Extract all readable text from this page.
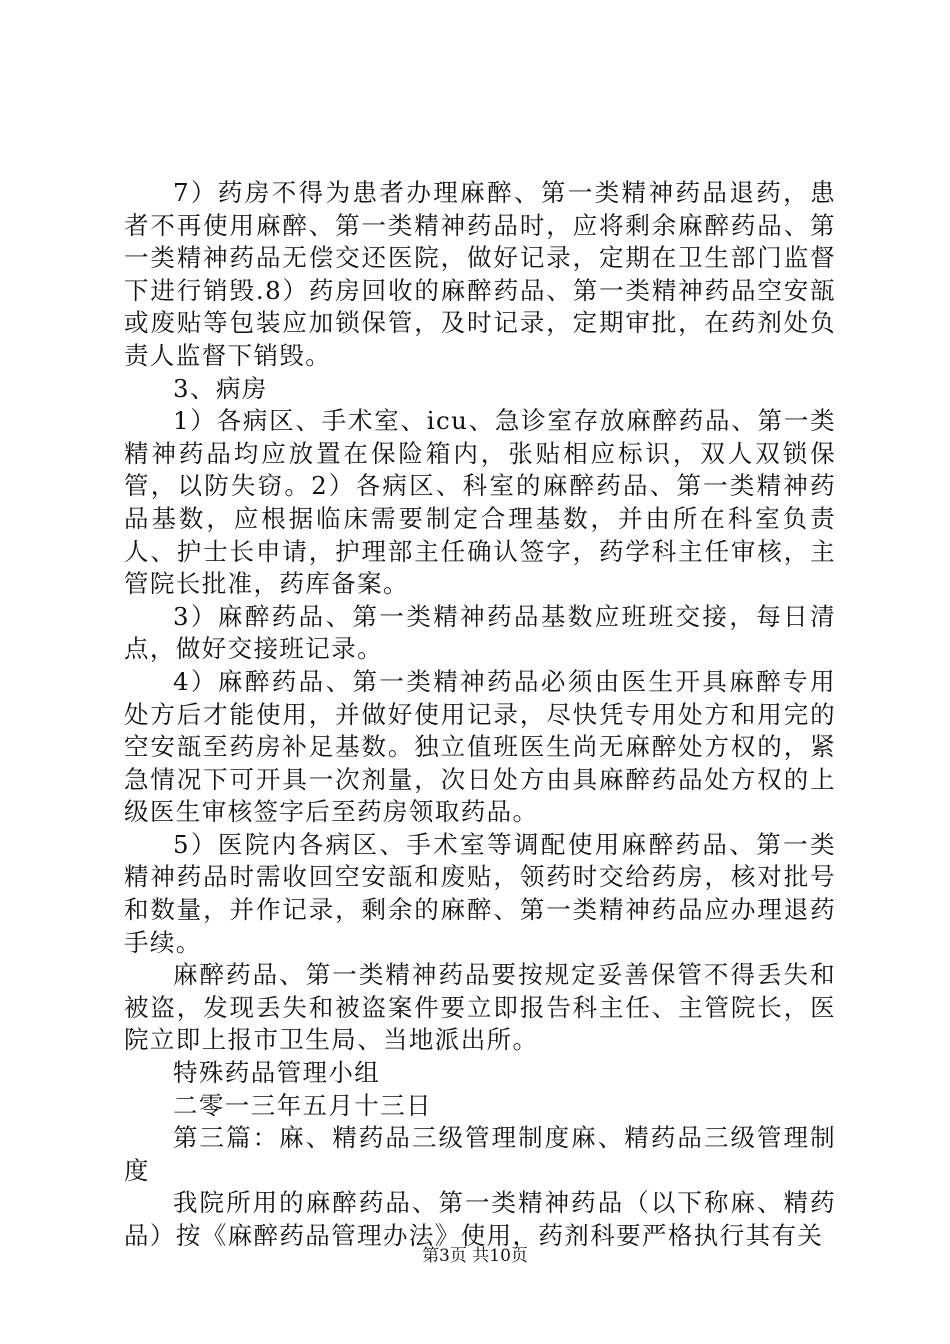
7）药房不得为患者办理麻醉、第一类精神药品退药，患者不再使用麻醉、第一类精神药品时，应将剩余麻醉药品、第一类精神药品无偿交还医院，做好记录，定期在卫生部门监督下进行销毁.8）药房回收的麻醉药品、第一类精神药品空安瓿或废贴等包装应加锁保管，及时记录，定期审批，在药剂处负责人监督下销毁。

3、病房

1）各病区、手术室、icu、急诊室存放麻醉药品、第一类精神药品均应放置在保险箱内，张贴相应标识，双人双锁保管，以防失窃。2）各病区、科室的麻醉药品、第一类精神药品基数，应根据临床需要制定合理基数，并由所在科室负责人、护士长申请，护理部主任确认签字，药学科主任审核，主管院长批准，药库备案。

3）麻醉药品、第一类精神药品基数应班班交接，每日清点，做好交接班记录。

4）麻醉药品、第一类精神药品必须由医生开具麻醉专用处方后才能使用，并做好使用记录，尽快凭专用处方和用完的空安瓿至药房补足基数。独立值班医生尚无麻醉处方权的，紧急情况下可开具一次剂量，次日处方由具麻醉药品处方权的上级医生审核签字后至药房领取药品。

5）医院内各病区、手术室等调配使用麻醉药品、第一类精神药品时需收回空安瓿和废贴，领药时交给药房，核对批号和数量，并作记录，剩余的麻醉、第一类精神药品应办理退药手续。

麻醉药品、第一类精神药品要按规定妥善保管不得丢失和被盗，发现丢失和被盗案件要立即报告科主任、主管院长，医院立即上报市卫生局、当地派出所。

特殊药品管理小组

二零一三年五月十三日

第三篇：麻、精药品三级管理制度麻、精药品三级管理制度

我院所用的麻醉药品、第一类精神药品（以下称麻、精药品）按《麻醉药品管理办法》使用，药剂科要严格执行其有关

第3页 共10页
